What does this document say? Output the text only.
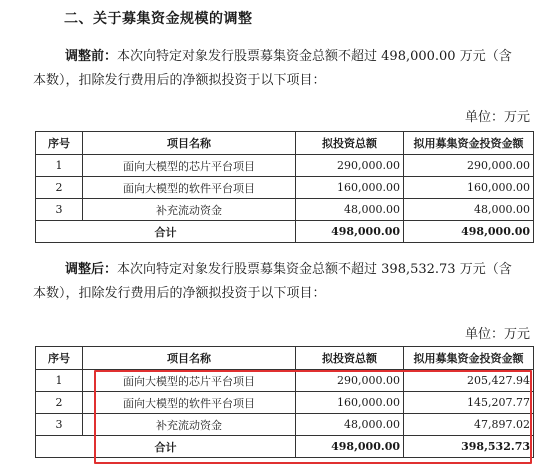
二、关于募集资金规模的调整
调整前：本次向特定对象发行股票募集资金总额不超过 498,000.00 万元（含
本数），扣除发行费用后的净额拟投资于以下项目：
单位：万元
序号	项目名称	拟投资总额	拟用募集资金投资金额
1	面向大模型的芯片平台项目	290,000.00	290,000.00
2	面向大模型的软件平台项目	160,000.00	160,000.00
3	补充流动资金	48,000.00	48,000.00
合计		498,000.00	498,000.00
调整后：本次向特定对象发行股票募集资金总额不超过 398,532.73 万元（含
本数），扣除发行费用后的净额拟投资于以下项目：
单位：万元
序号	项目名称	拟投资总额	拟用募集资金投资金额
1	面向大模型的芯片平台项目	290,000.00	205,427.94
2	面向大模型的软件平台项目	160,000.00	145,207.77
3	补充流动资金	48,000.00	47,897.02
合计		498,000.00	398,532.73
